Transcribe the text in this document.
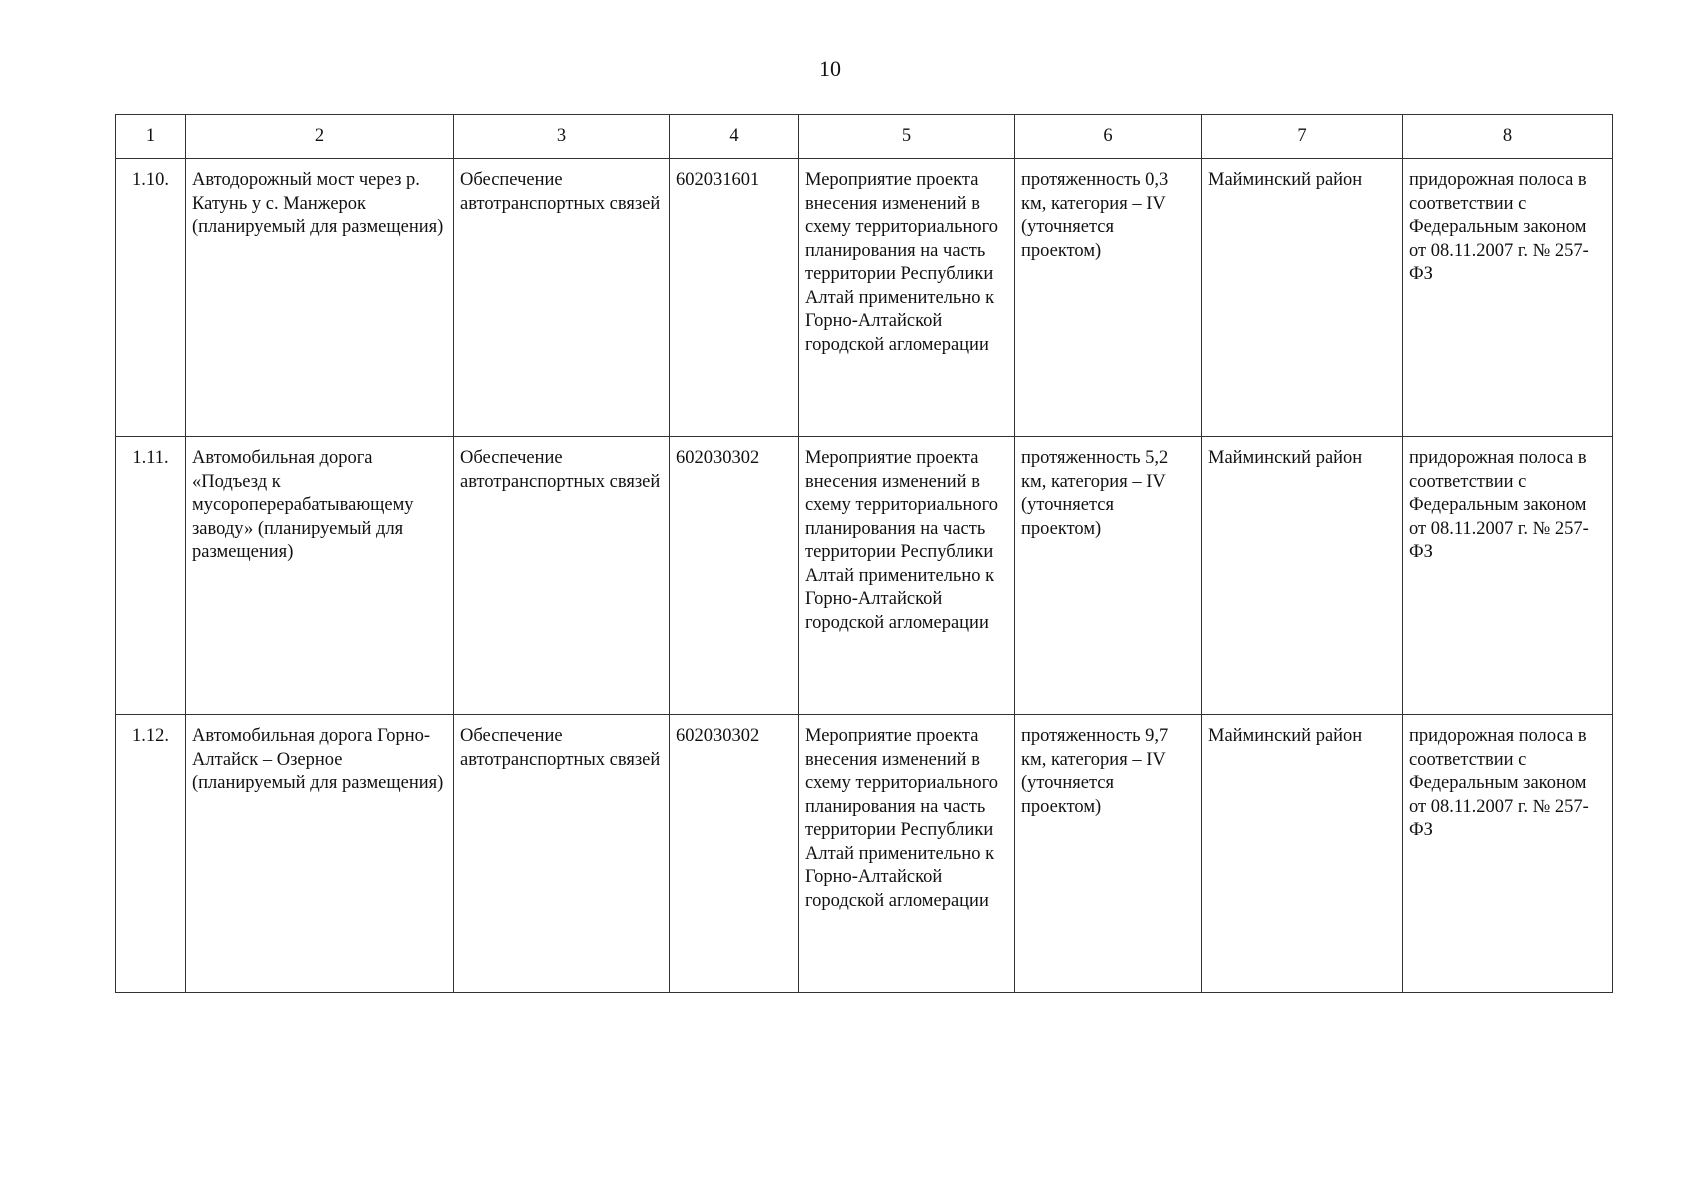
10
1	2	3	4	5	6	7	8
1.10.	Автодорожный мост через р. Катунь у с. Манжерок (планируемый для размещения)	Обеспечение автотранспортных связей	602031601	Мероприятие проекта внесения изменений в схему территориального планирования на часть территории Республики Алтай применительно к Горно-Алтайской городской агломерации	протяженность 0,3 км, категория – IV (уточняется проектом)	Майминский район	придорожная полоса в соответствии с Федеральным законом от 08.11.2007 г. № 257-ФЗ
1.11.	Автомобильная дорога «Подъезд к мусороперерабатывающему заводу» (планируемый для размещения)	Обеспечение автотранспортных связей	602030302	Мероприятие проекта внесения изменений в схему территориального планирования на часть территории Республики Алтай применительно к Горно-Алтайской городской агломерации	протяженность 5,2 км, категория – IV (уточняется проектом)	Майминский район	придорожная полоса в соответствии с Федеральным законом от 08.11.2007 г. № 257-ФЗ
1.12.	Автомобильная дорога Горно-Алтайск – Озерное (планируемый для размещения)	Обеспечение автотранспортных связей	602030302	Мероприятие проекта внесения изменений в схему территориального планирования на часть территории Республики Алтай применительно к Горно-Алтайской городской агломерации	протяженность 9,7 км, категория – IV (уточняется проектом)	Майминский район	придорожная полоса в соответствии с Федеральным законом от 08.11.2007 г. № 257-ФЗ
